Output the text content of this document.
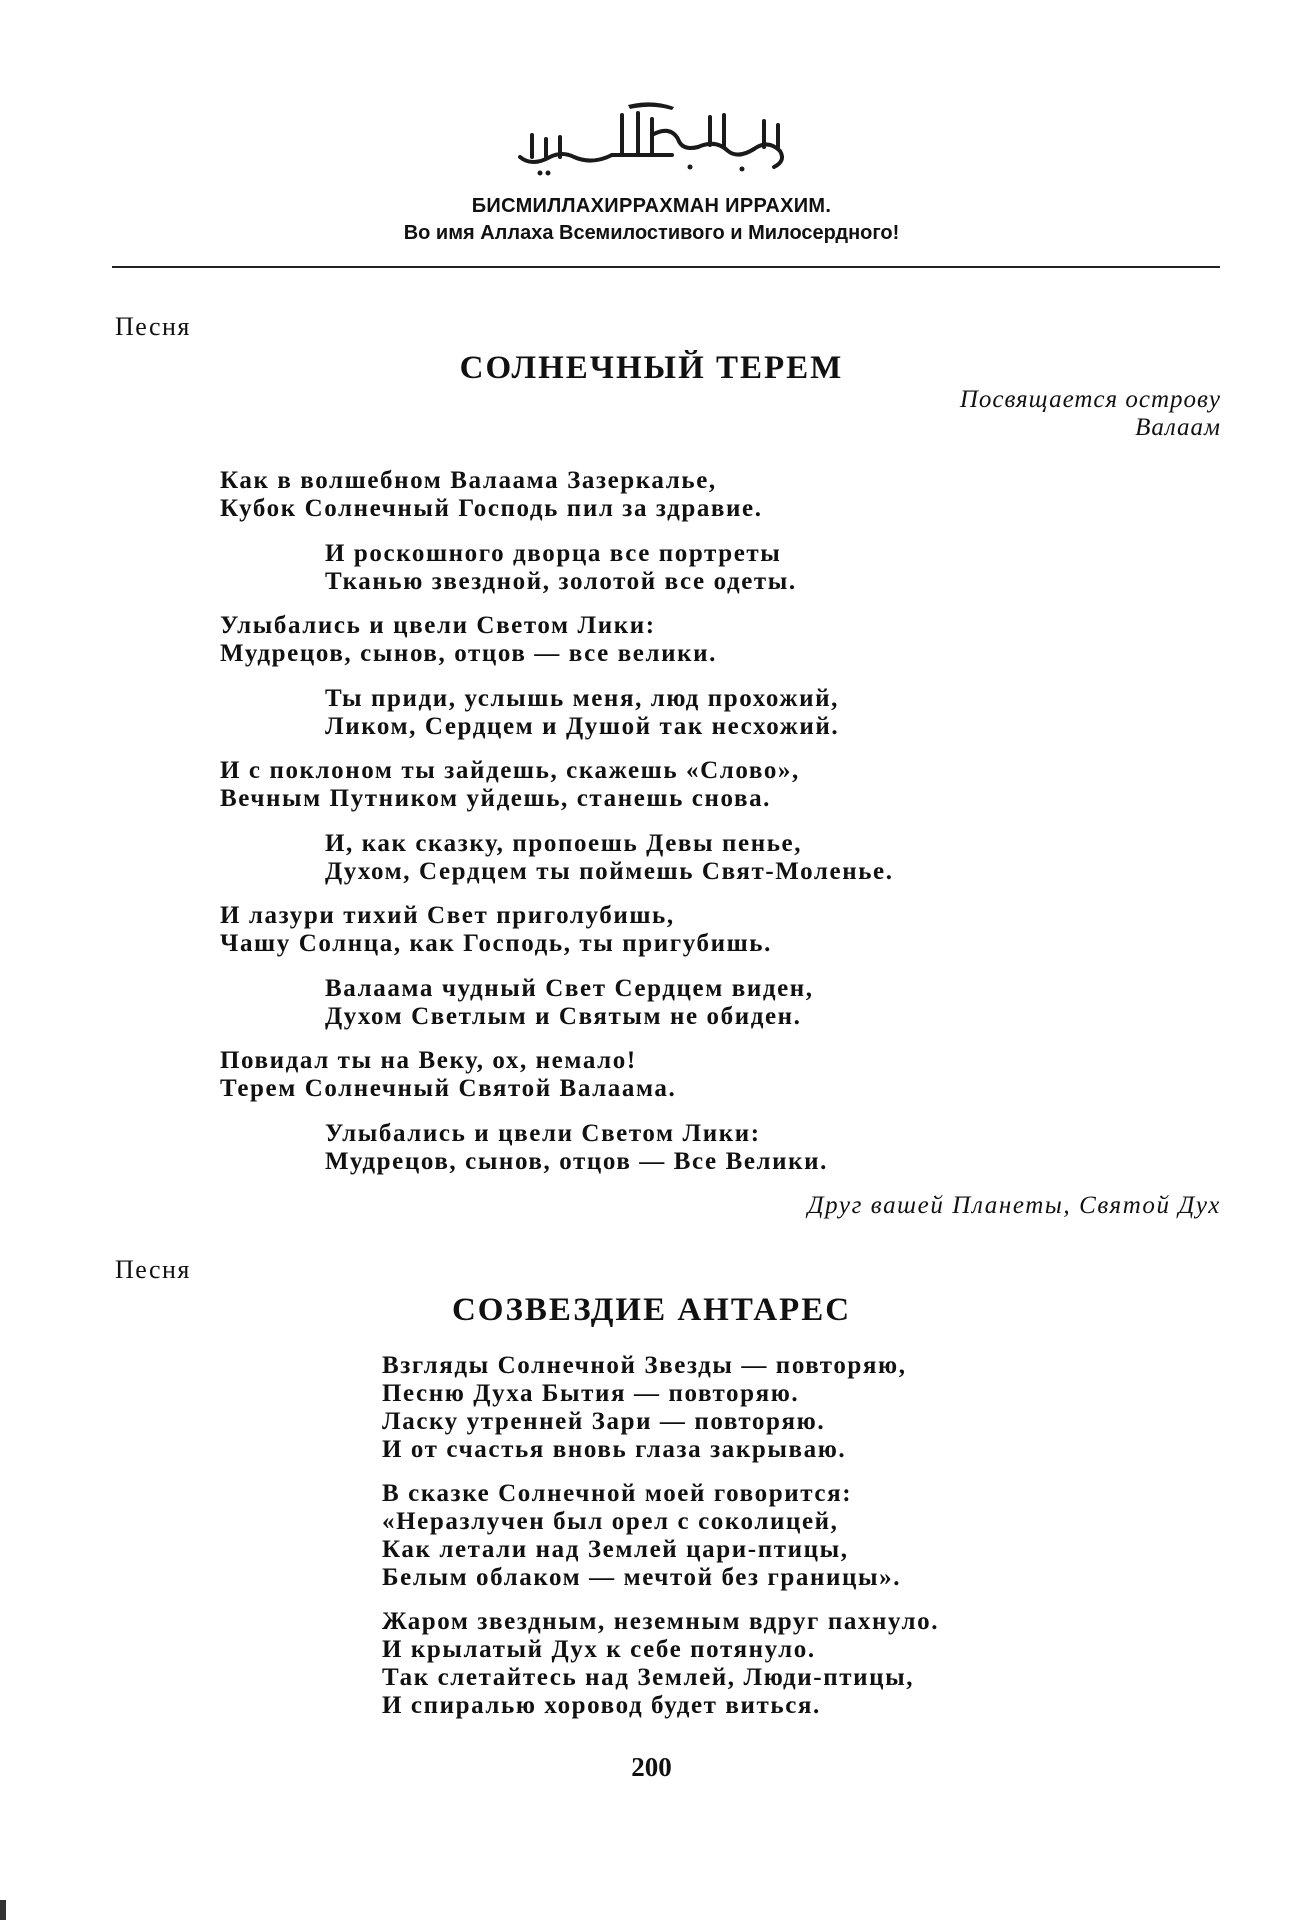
БИСМИЛЛАХИРРАХМАН ИРРАХИМ.
Во имя Аллаха Всемилостивого и Милосердного!
Песня
СОЛНЕЧНЫЙ ТЕРЕМ
Посвящается острову
Валаам
Как в волшебном Валаама Зазеркалье,
Кубок Солнечный Господь пил за здравие.
И роскошного дворца все портреты
Тканью звездной, золотой все одеты.
Улыбались и цвели Светом Лики:
Мудрецов, сынов, отцов — все велики.
Ты приди, услышь меня, люд прохожий,
Ликом, Сердцем и Душой так несхожий.
И с поклоном ты зайдешь, скажешь «Слово»,
Вечным Путником уйдешь, станешь снова.
И, как сказку, пропоешь Девы пенье,
Духом, Сердцем ты поймешь Свят-Моленье.
И лазури тихий Свет приголубишь,
Чашу Солнца, как Господь, ты пригубишь.
Валаама чудный Свет Сердцем виден,
Духом Светлым и Святым не обиден.
Повидал ты на Веку, ох, немало!
Терем Солнечный Святой Валаама.
Улыбались и цвели Светом Лики:
Мудрецов, сынов, отцов — Все Велики.
Друг вашей Планеты, Святой Дух
Песня
СОЗВЕЗДИЕ АНТАРЕС
Взгляды Солнечной Звезды — повторяю,
Песню Духа Бытия — повторяю.
Ласку утренней Зари — повторяю.
И от счастья вновь глаза закрываю.
В сказке Солнечной моей говорится:
«Неразлучен был орел с соколицей,
Как летали над Землей цари-птицы,
Белым облаком — мечтой без границы».
Жаром звездным, неземным вдруг пахнуло.
И крылатый Дух к себе потянуло.
Так слетайтесь над Землей, Люди-птицы,
И спиралью хоровод будет виться.
200
